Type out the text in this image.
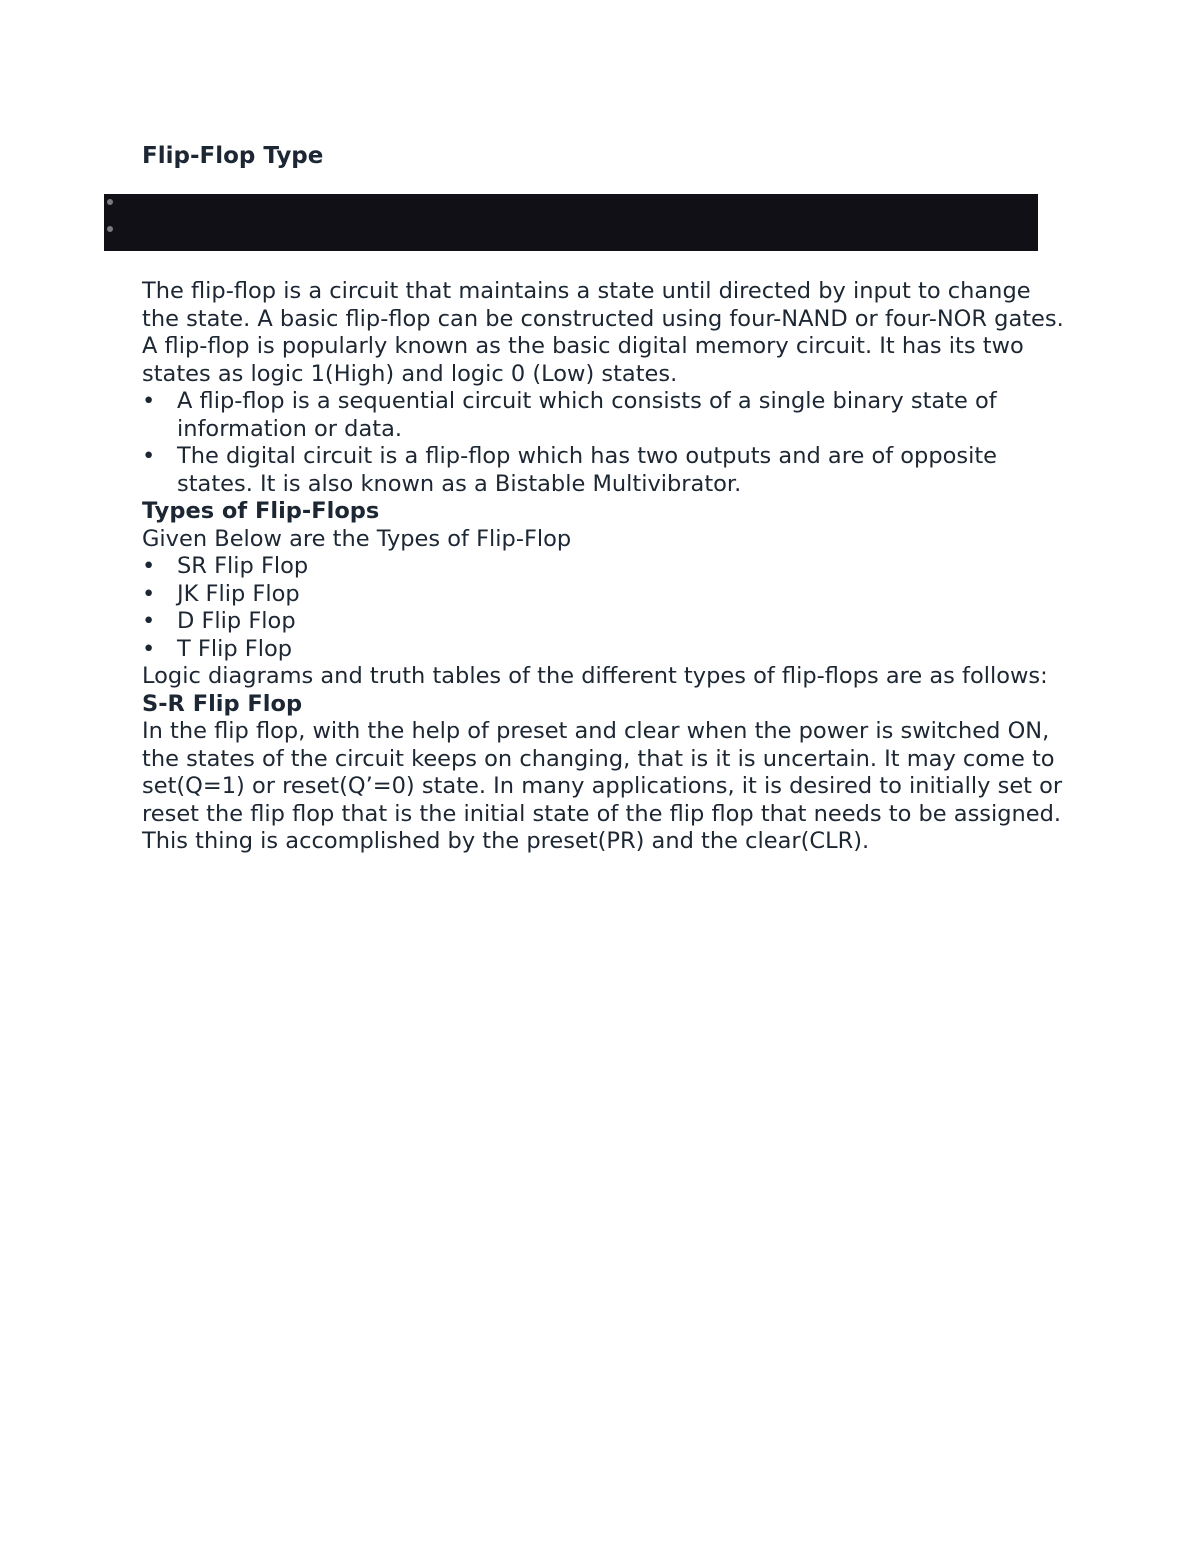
Flip-Flop Type

The flip-flop is a circuit that maintains a state until directed by input to change the state. A basic flip-flop can be constructed using four-NAND or four-NOR gates. A flip-flop is popularly known as the basic digital memory circuit. It has its two states as logic 1(High) and logic 0 (Low) states.

• A flip-flop is a sequential circuit which consists of a single binary state of information or data.
• The digital circuit is a flip-flop which has two outputs and are of opposite states. It is also known as a Bistable Multivibrator.
Types of Flip-Flops

Given Below are the Types of Flip-Flop

• SR Flip Flop
• JK Flip Flop
• D Flip Flop
• T Flip Flop

Logic diagrams and truth tables of the different types of flip-flops are as follows:

S-R Flip Flop

In the flip flop, with the help of preset and clear when the power is switched ON, the states of the circuit keeps on changing, that is it is uncertain. It may come to set(Q=1) or reset(Q’=0) state. In many applications, it is desired to initially set or reset the flip flop that is the initial state of the flip flop that needs to be assigned. This thing is accomplished by the preset(PR) and the clear(CLR).
